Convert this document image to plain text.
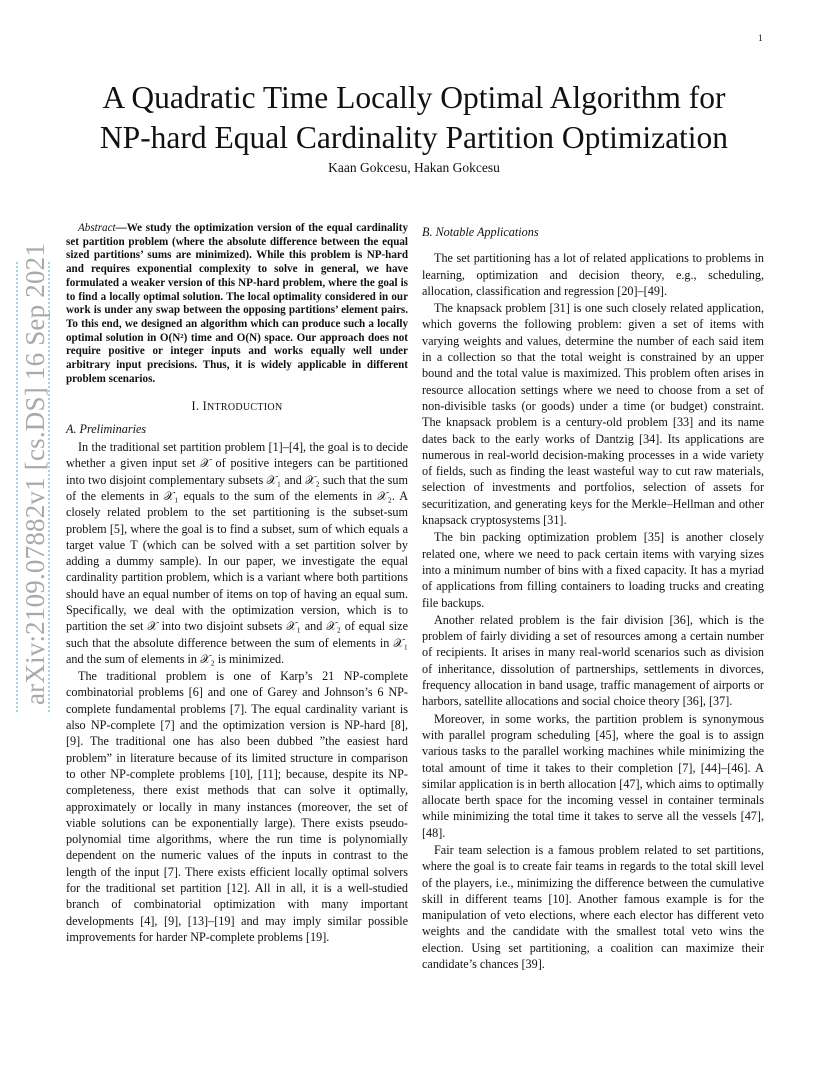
1
arXiv:2109.07882v1 [cs.DS] 16 Sep 2021
A Quadratic Time Locally Optimal Algorithm for
NP-hard Equal Cardinality Partition Optimization
Kaan Gokcesu, Hakan Gokcesu

Abstract—We study the optimization version of the equal cardinality set partition problem (where the absolute difference between the equal sized partitions’ sums are minimized). While this problem is NP-hard and requires exponential complexity to solve in general, we have formulated a weaker version of this NP-hard problem, where the goal is to find a locally optimal solution. The local optimality considered in our work is under any swap between the opposing partitions’ element pairs. To this end, we designed an algorithm which can produce such a locally optimal solution in O(N²) time and O(N) space. Our approach does not require positive or integer inputs and works equally well under arbitrary input precisions. Thus, it is widely applicable in different problem scenarios.

I. INTRODUCTION
A. Preliminaries

In the traditional set partition problem [1]–[4], the goal is to decide whether a given input set 𝒳 of positive integers can be partitioned into two disjoint complementary subsets 𝒳₁ and 𝒳₂ such that the sum of the elements in 𝒳₁ equals to the sum of the elements in 𝒳₂. A closely related problem to the set partitioning is the subset-sum problem [5], where the goal is to find a subset, sum of which equals a target value T (which can be solved with a set partition solver by adding a dummy sample). In our paper, we investigate the equal cardinality partition problem, which is a variant where both partitions should have an equal number of items on top of having an equal sum. Specifically, we deal with the optimization version, which is to partition the set 𝒳 into two disjoint subsets 𝒳₁ and 𝒳₂ of equal size such that the absolute difference between the sum of elements in 𝒳₁ and the sum of elements in 𝒳₂ is minimized.

The traditional problem is one of Karp’s 21 NP-complete combinatorial problems [6] and one of Garey and Johnson’s 6 NP-complete fundamental problems [7]. The equal cardinality variant is also NP-complete [7] and the optimization version is NP-hard [8], [9]. The traditional one has also been dubbed ”the easiest hard problem” in literature because of its limited structure in comparison to other NP-complete problems [10], [11]; because, despite its NP-completeness, there exist methods that can solve it optimally, approximately or locally in many instances (moreover, the set of viable solutions can be exponentially large). There exists pseudo-polynomial time algorithms, where the run time is polynomially dependent on the numeric values of the inputs in contrast to the length of the input [7]. There exists efficient locally optimal solvers for the traditional set partition [12]. All in all, it is a well-studied branch of combinatorial optimization with many important developments [4], [9], [13]–[19] and may imply similar possible improvements for harder NP-complete problems [19].

B. Notable Applications

The set partitioning has a lot of related applications to problems in learning, optimization and decision theory, e.g., scheduling, allocation, classification and regression [20]–[49].

The knapsack problem [31] is one such closely related application, which governs the following problem: given a set of items with varying weights and values, determine the number of each said item in a collection so that the total weight is constrained by an upper bound and the total value is maximized. This problem often arises in resource allocation settings where we need to choose from a set of non-divisible tasks (or goods) under a time (or budget) constraint. The knapsack problem is a century-old problem [33] and its name dates back to the early works of Dantzig [34]. Its applications are numerous in real-world decision-making processes in a wide variety of fields, such as finding the least wasteful way to cut raw materials, selection of investments and portfolios, selection of assets for securitization, and generating keys for the Merkle–Hellman and other knapsack cryptosystems [31].

The bin packing optimization problem [35] is another closely related one, where we need to pack certain items with varying sizes into a minimum number of bins with a fixed capacity. It has a myriad of applications from filling containers to loading trucks and creating file backups.

Another related problem is the fair division [36], which is the problem of fairly dividing a set of resources among a certain number of recipients. It arises in many real-world scenarios such as division of inheritance, dissolution of partnerships, settlements in divorces, frequency allocation in band usage, traffic management of airports or harbors, satellite allocations and social choice theory [36], [37].

Moreover, in some works, the partition problem is synonymous with parallel program scheduling [45], where the goal is to assign various tasks to the parallel working machines while minimizing the total amount of time it takes to their completion [7], [44]–[46]. A similar application is in berth allocation [47], which aims to optimally allocate berth space for the incoming vessel in container terminals while minimizing the total time it takes to serve all the vessels [47], [48].

Fair team selection is a famous problem related to set partitions, where the goal is to create fair teams in regards to the total skill level of the players, i.e., minimizing the difference between the cumulative skill in different teams [10]. Another famous example is for the manipulation of veto elections, where each elector has different veto weights and the candidate with the smallest total veto wins the election. Using set partitioning, a coalition can maximize their candidate’s chances [39].
